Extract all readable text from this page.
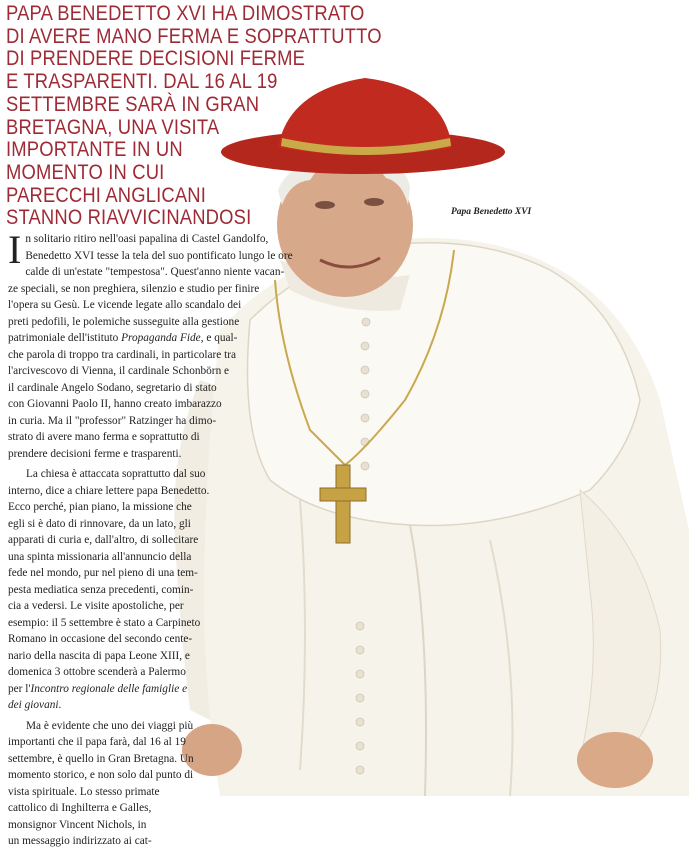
PAPA BENEDETTO XVI HA DIMOSTRATO
DI AVERE MANO FERMA E SOPRATTUTTO
DI PRENDERE DECISIONI FERME
E TRASPARENTI. DAL 16 AL 19
SETTEMBRE SARÀ IN GRAN
BRETAGNA, UNA VISITA
IMPORTANTE IN UN
MOMENTO IN CUI
PARECCHI ANGLICANI
STANNO RIAVVICINANDOSI	Papa Benedetto XVI
I n solitario ritiro nell'oasi papalina di Castel Gandolfo,
Benedetto XVI tesse la tela del suo pontificato lungo le ore
calde di un'estate "tempestosa". Quest'anno niente vacan-
ze speciali, se non preghiera, silenzio e studio per finire
l'opera su Gesù. Le vicende legate allo scandalo dei
preti pedofili, le polemiche susseguite alla gestione
patrimoniale dell'istituto Propaganda Fide, e qual-
che parola di troppo tra cardinali, in particolare tra
l'arcivescovo di Vienna, il cardinale Schonbörn e
il cardinale Angelo Sodano, segretario di stato
con Giovanni Paolo II, hanno creato imbarazzo
in curia. Ma il "professor" Ratzinger ha dimo-
strato di avere mano ferma e soprattutto di
prendere decisioni ferme e trasparenti.
La chiesa è attaccata soprattutto dal suo
interno, dice a chiare lettere papa Benedetto.
Ecco perché, pian piano, la missione che
egli si è dato di rinnovare, da un lato, gli
apparati di curia e, dall'altro, di sollecitare
una spinta missionaria all'annuncio della
fede nel mondo, pur nel pieno di una tem-
pesta mediatica senza precedenti, comin-
cia a vedersi. Le visite apostoliche, per
esempio: il 5 settembre è stato a Carpineto
Romano in occasione del secondo cente-
nario della nascita di papa Leone XIII, e
domenica 3 ottobre scenderà a Palermo
per l'Incontro regionale delle famiglie e
dei giovani.
Ma è evidente che uno dei viaggi più
importanti che il papa farà, dal 16 al 19
settembre, è quello in Gran Bretagna. Un
momento storico, e non solo dal punto di
vista spirituale. Lo stesso primate
cattolico di Inghilterra e Galles,
monsignor Vincent Nichols, in
un messaggio indirizzato ai cat-
